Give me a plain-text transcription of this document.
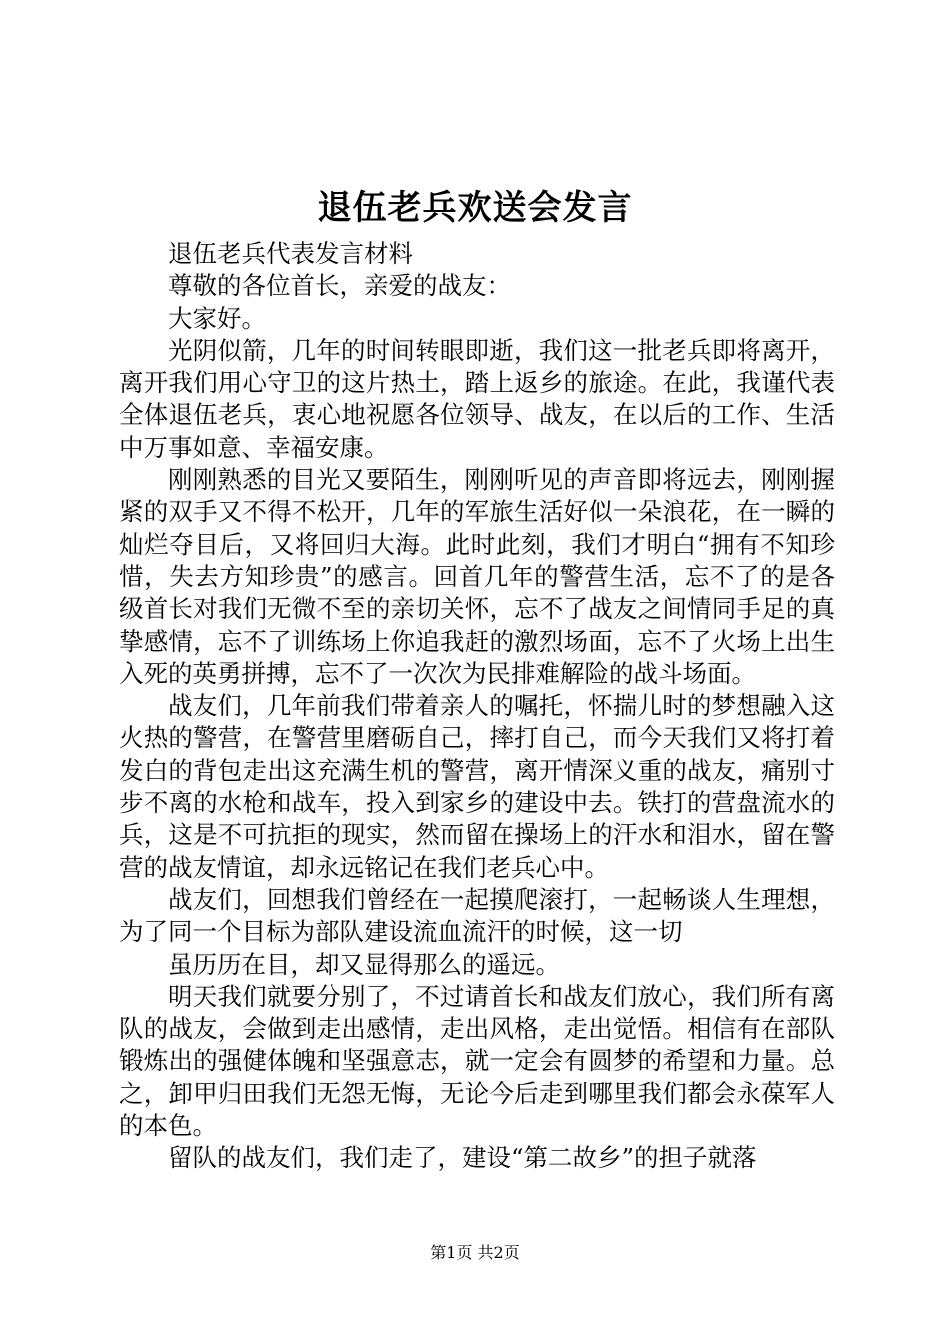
退伍老兵欢送会发言

退伍老兵代表发言材料

尊敬的各位首长，亲爱的战友：

大家好。

光阴似箭，几年的时间转眼即逝，我们这一批老兵即将离开，离开我们用心守卫的这片热土，踏上返乡的旅途。在此，我谨代表全体退伍老兵，衷心地祝愿各位领导、战友，在以后的工作、生活中万事如意、幸福安康。

刚刚熟悉的目光又要陌生，刚刚听见的声音即将远去，刚刚握紧的双手又不得不松开，几年的军旅生活好似一朵浪花，在一瞬的灿烂夺目后，又将回归大海。此时此刻，我们才明白“拥有不知珍惜，失去方知珍贵”的感言。回首几年的警营生活，忘不了的是各级首长对我们无微不至的亲切关怀，忘不了战友之间情同手足的真挚感情，忘不了训练场上你追我赶的激烈场面，忘不了火场上出生入死的英勇拼搏，忘不了一次次为民排难解险的战斗场面。

战友们，几年前我们带着亲人的嘱托，怀揣儿时的梦想融入这火热的警营，在警营里磨砺自己，摔打自己，而今天我们又将打着发白的背包走出这充满生机的警营，离开情深义重的战友，痛别寸步不离的水枪和战车，投入到家乡的建设中去。铁打的营盘流水的兵，这是不可抗拒的现实，然而留在操场上的汗水和泪水，留在警营的战友情谊，却永远铭记在我们老兵心中。

战友们，回想我们曾经在一起摸爬滚打，一起畅谈人生理想，为了同一个目标为部队建设流血流汗的时候，这一切

虽历历在目，却又显得那么的遥远。

明天我们就要分别了，不过请首长和战友们放心，我们所有离队的战友，会做到走出感情，走出风格，走出觉悟。相信有在部队锻炼出的强健体魄和坚强意志，就一定会有圆梦的希望和力量。总之，卸甲归田我们无怨无悔，无论今后走到哪里我们都会永葆军人的本色。

留队的战友们，我们走了，建设“第二故乡”的担子就落

第1页 共2页
